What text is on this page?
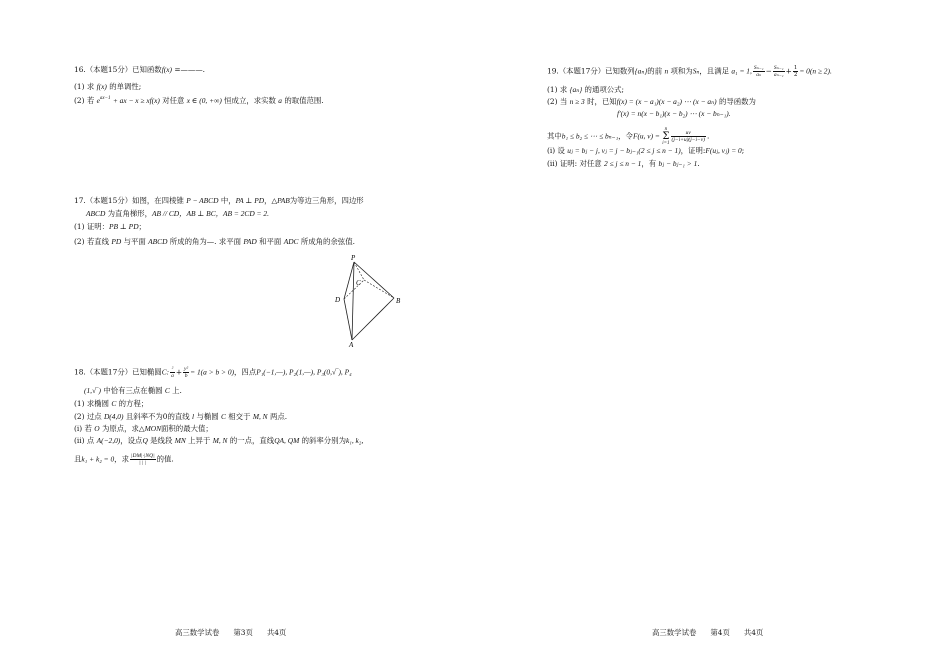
16.（本题15分）已知函数f(x) =———.
(1) 求 f(x) 的单调性;
(2) 若 $e^{ax-1}$ + ax − x ≥ xf(x) 对任意 x ∈ (0, +∞) 恒成立，求实数 a 的取值范围.
17.（本题15分）如图，在四棱锥 P − ABCD 中，PA ⊥ PD，△PAB为等边三角形，四边形
ABCD 为直角梯形，AB // CD，AB ⊥ BC，AB = 2CD = 2.
(1) 证明：PB ⊥ PD；
(2) 若直线 PD 与平面 ABCD 所成的角为—. 求平面 PAD 和平面 ADC 所成角的余弦值.
P
D
C
B
A
18.（本题17分）已知椭圆C: $\frac{\text{²}}{a} + \frac{\text{y²}}{b} = 1(a > b > 0)$，四点P₁(−1,—), P₂(1,—), P₃(0,√‾), P₄
(1,√‾) 中恰有三点在椭圆 C 上.
(1) 求椭圆 C 的方程；
(2) 过点 D(4,0) 且斜率不为0的直线 l 与椭圆 C 相交于 M, N 两点.
(i) 若 O 为原点，求△MON面积的最大值；
(ii) 点 A(−2,0)，设点Q 是线段 MN 上异于 M, N 的一点，直线QA, QM 的斜率分别为k₁, k₂,
且k₁ + k₂ = 0，求 $\frac{|DM|\cdot|NQ|}{| | |}$ 的值.
高三数学试卷 第3页 共4页
19.（本题17分）已知数列{aₙ}的前 n 项和为Sₙ，且满足 a₁ = 1, $\frac{\text{Sₙ₋₁}}{\text{aₙ}} - \frac{\text{Sₙ₋₁}}{\text{aₙ₋₁}} + \frac{1}{2} = 0(n \ge 2)$.
(1) 求 {aₙ} 的通项公式;
(2) 当 n ≥ 3 时，已知f(x) = (x − a₁)(x − a₂) ⋯ (x − aₙ) 的导函数为
f′(x) = n(x − b₁)(x − b₂) ⋯ (x − bₙ₋₁).
其中b₁ ≤ b₂ ≤ ⋯ ≤ bₙ₋₁，令F(u, v) =
n
Σ
i=1
$\frac{uv}{(j-i+u)(j-i-v)}$ .
(i) 设 uⱼ = bⱼ − j, vⱼ = j − bⱼ₋₁(2 ≤ j ≤ n − 1)，证明:F(uⱼ, vⱼ) = 0;
(ii) 证明: 对任意 2 ≤ j ≤ n − 1，有 bⱼ − bⱼ₋₁ > 1.
高三数学试卷 第4页 共4页
